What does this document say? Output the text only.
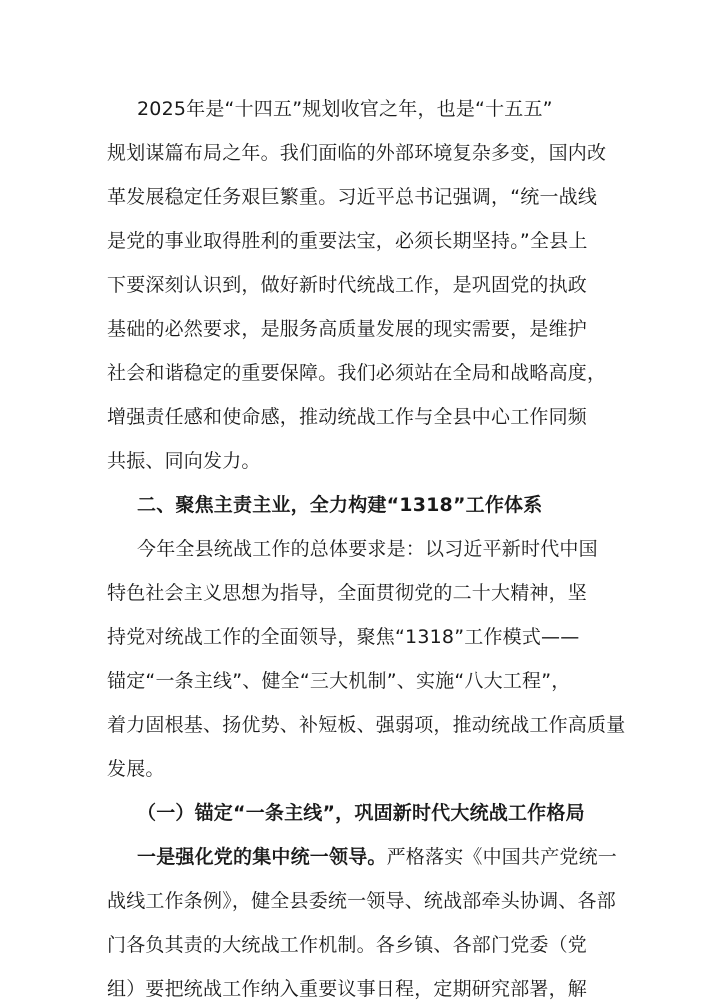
2025年是“十四五”规划收官之年，也是“十五五”
规划谋篇布局之年。我们面临的外部环境复杂多变，国内改
革发展稳定任务艰巨繁重。习近平总书记强调，“统一战线
是党的事业取得胜利的重要法宝，必须长期坚持。”全县上
下要深刻认识到，做好新时代统战工作，是巩固党的执政
基础的必然要求，是服务高质量发展的现实需要，是维护
社会和谐稳定的重要保障。我们必须站在全局和战略高度，
增强责任感和使命感，推动统战工作与全县中心工作同频
共振、同向发力。
二、聚焦主责主业，全力构建“1318”工作体系
今年全县统战工作的总体要求是：以习近平新时代中国
特色社会主义思想为指导，全面贯彻党的二十大精神，坚
持党对统战工作的全面领导，聚焦“1318”工作模式——
锚定“一条主线”、健全“三大机制”、实施“八大工程”，
着力固根基、扬优势、补短板、强弱项，推动统战工作高质量
发展。
（一）锚定“一条主线”，巩固新时代大统战工作格局
一是强化党的集中统一领导。严格落实《中国共产党统一
战线工作条例》，健全县委统一领导、统战部牵头协调、各部
门各负其责的大统战工作机制。各乡镇、各部门党委（党
组）要把统战工作纳入重要议事日程，定期研究部署，解
